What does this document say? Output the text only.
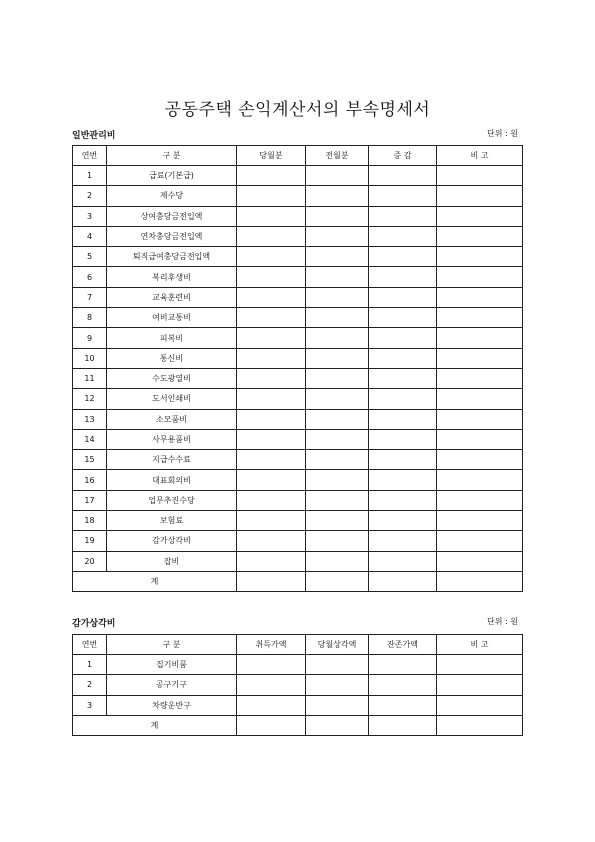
공동주택 손익계산서의 부속명세서
일반관리비	단위 : 원
연번	구 분	당월분	전월분	증 감	비 고
1	급료(기본급)				
2	제수당				
3	상여충당금전입액				
4	연차충당금전입액				
5	퇴직급여충당금전입액				
6	복리후생비				
7	교육훈련비				
8	여비교통비				
9	피복비				
10	통신비				
11	수도광열비				
12	도서인쇄비				
13	소모품비				
14	사무용품비				
15	지급수수료				
16	대표회의비				
17	업무추진수당				
18	보험료				
19	감가상각비				
20	잡비				
계					
감가상각비	단위 : 원
연번	구 분	취득가액	당월상각액	잔존가액	비 고
1	집기비품				
2	공구기구				
3	차량운반구				
계					
